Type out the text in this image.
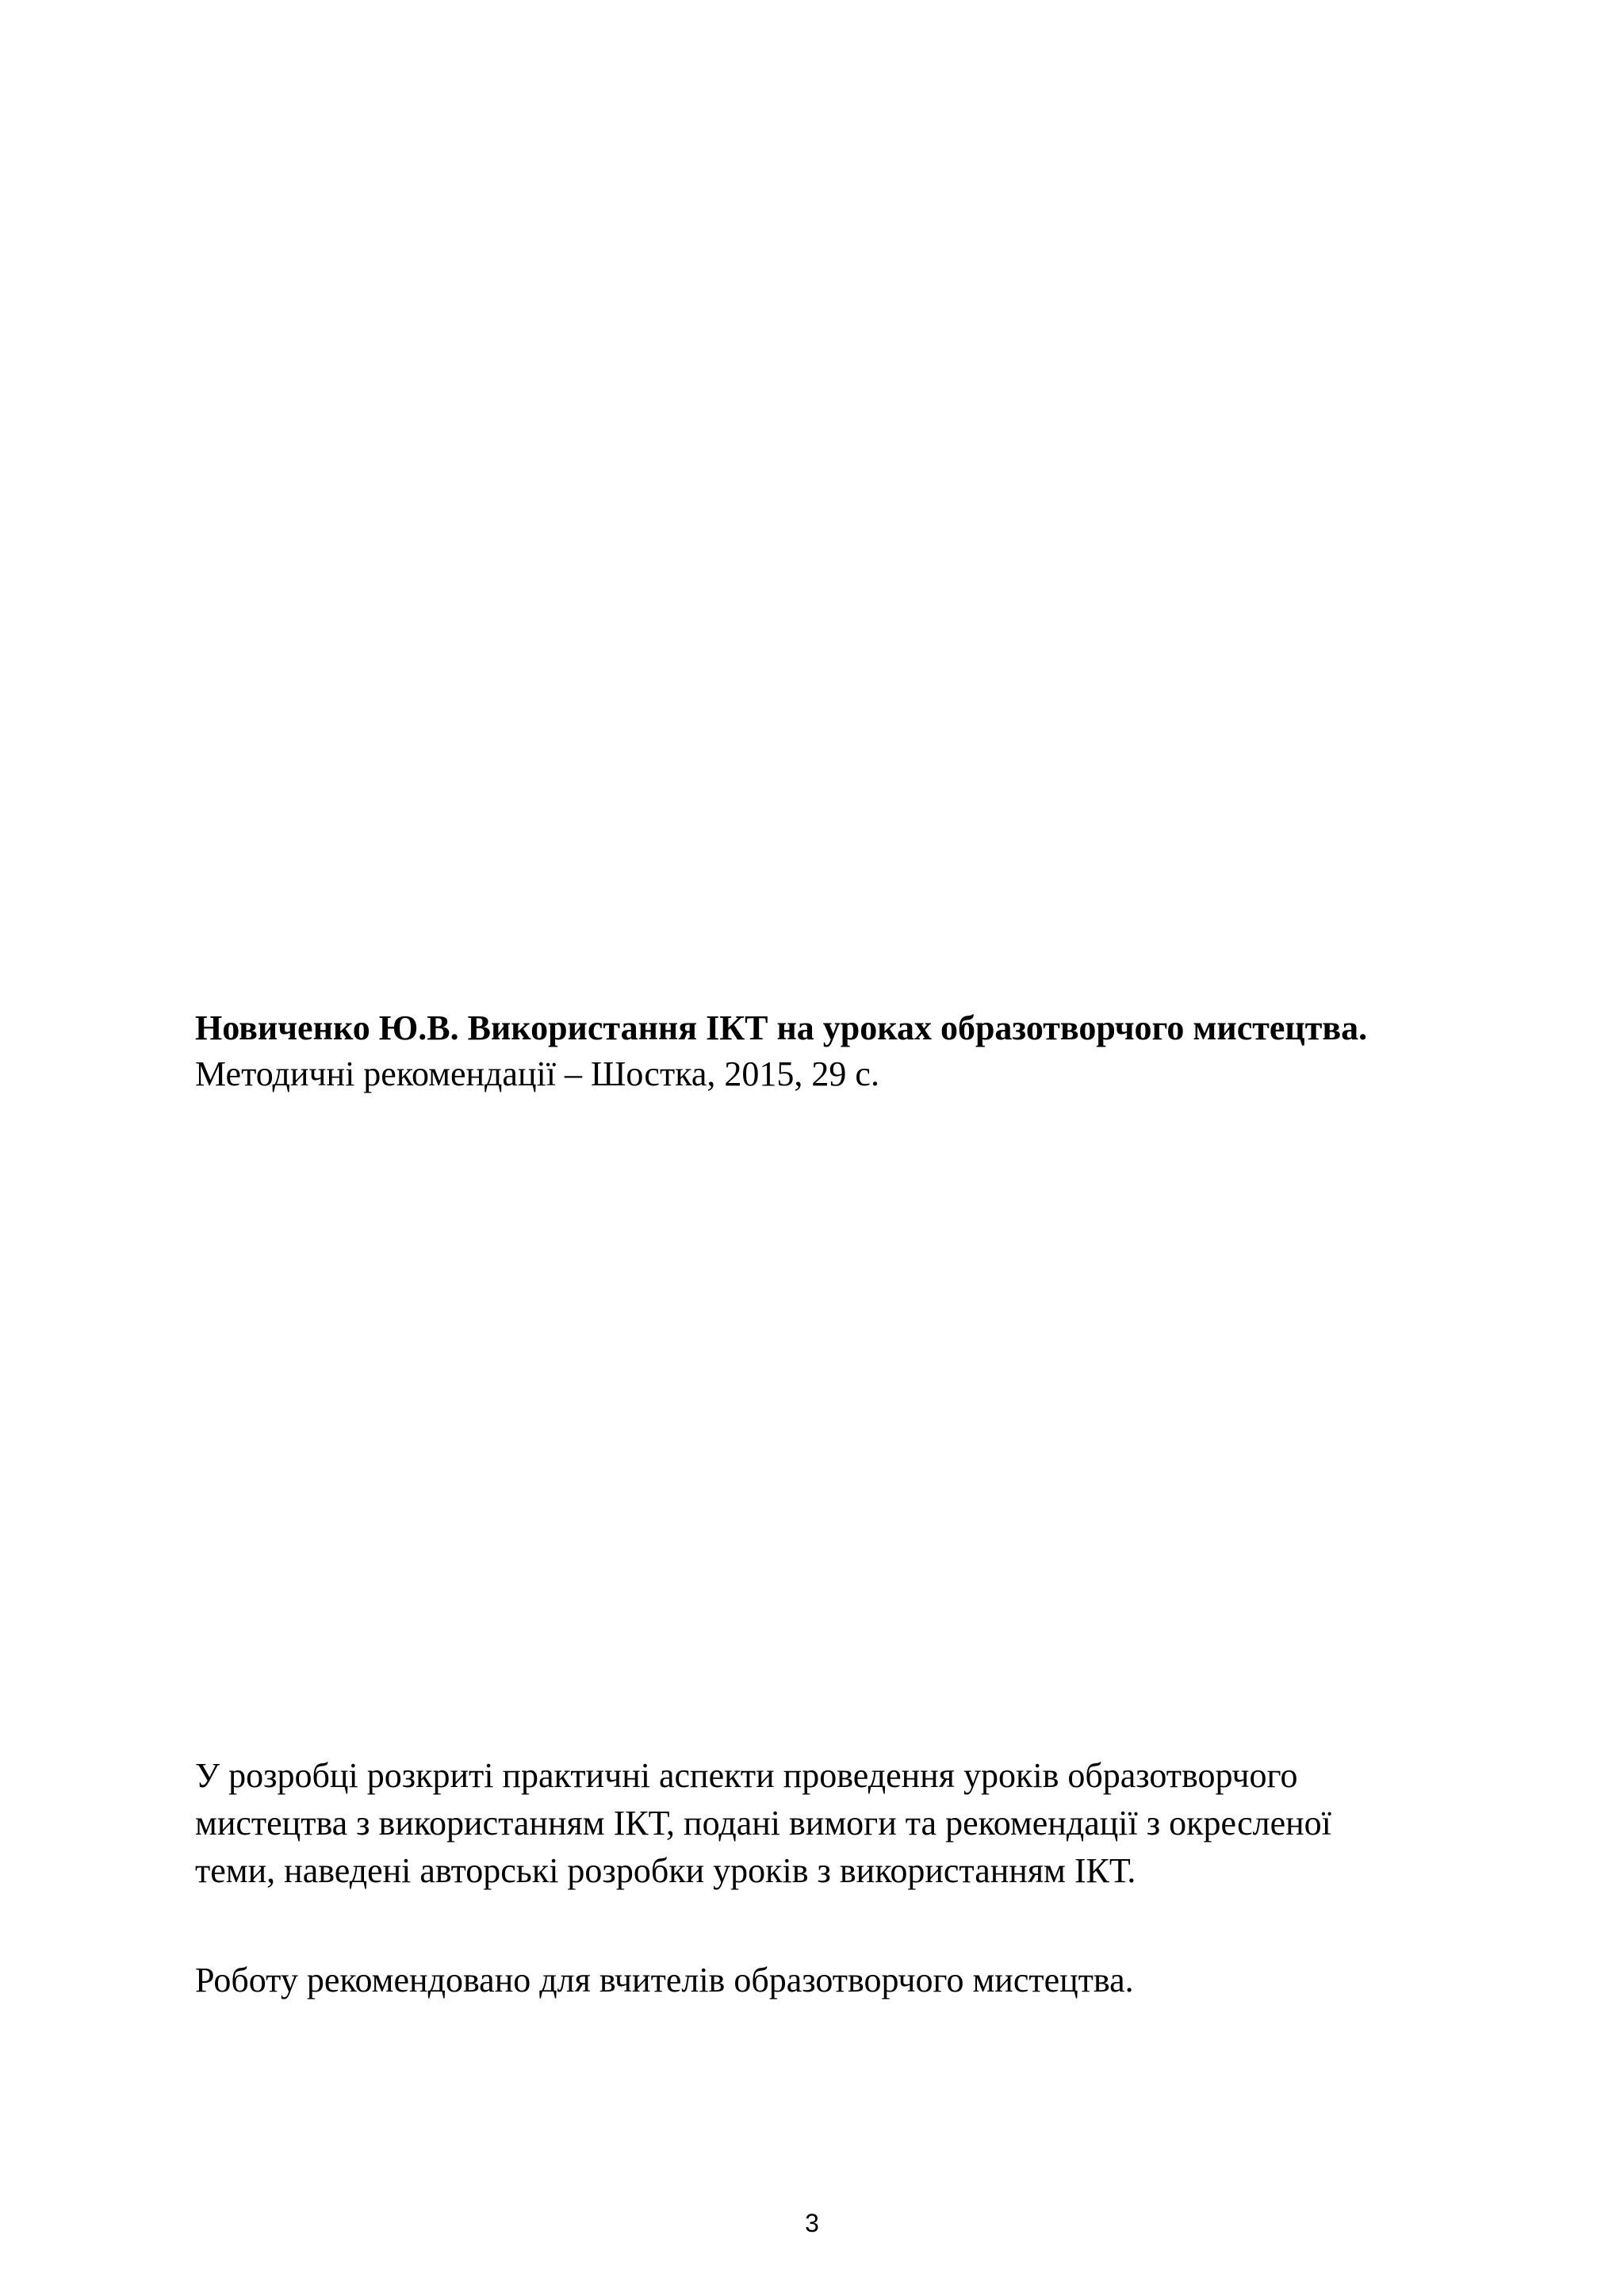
Новиченко Ю.В. Використання ІКТ на уроках образотворчого мистецтва.
Методичні рекомендації – Шостка, 2015, 29 с.
У розробці розкриті практичні аспекти проведення уроків образотворчого
мистецтва з використанням ІКТ, подані вимоги та рекомендації з окресленої
теми, наведені авторські розробки уроків з використанням ІКТ.
Роботу рекомендовано для вчителів образотворчого мистецтва.
3
